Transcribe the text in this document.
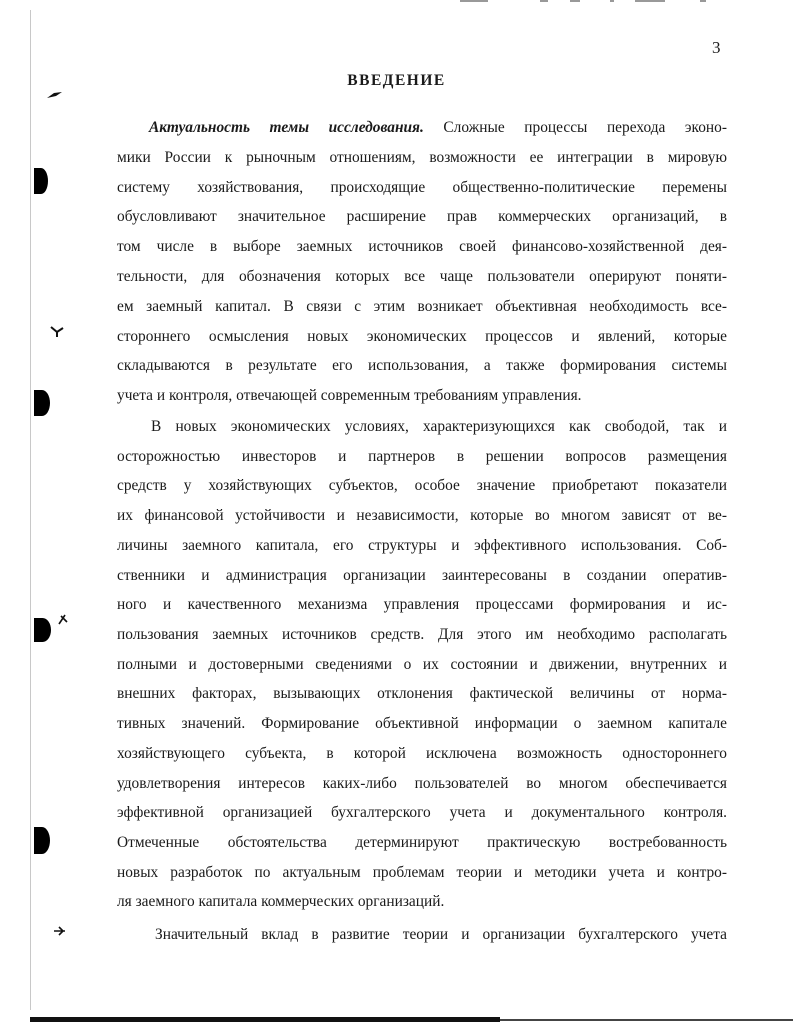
3
ВВЕДЕНИЕ

Актуальность темы исследования. Сложные процессы перехода эконо-

мики России к рыночным отношениям, возможности ее интеграции в мировую

систему хозяйствования, происходящие общественно-политические перемены

обусловливают значительное расширение прав коммерческих организаций, в

том числе в выборе заемных источников своей финансово-хозяйственной дея-

тельности, для обозначения которых все чаще пользователи оперируют поняти-

ем заемный капитал. В связи с этим возникает объективная необходимость все-

стороннего осмысления новых экономических процессов и явлений, которые

складываются в результате его использования, а также формирования системы

учета и контроля, отвечающей современным требованиям управления.

В новых экономических условиях, характеризующихся как свободой, так и

осторожностью инвесторов и партнеров в решении вопросов размещения

средств у хозяйствующих субъектов, особое значение приобретают показатели

их финансовой устойчивости и независимости, которые во многом зависят от ве-

личины заемного капитала, его структуры и эффективного использования. Соб-

ственники и администрация организации заинтересованы в создании оператив-

ного и качественного механизма управления процессами формирования и ис-

пользования заемных источников средств. Для этого им необходимо располагать

полными и достоверными сведениями о их состоянии и движении, внутренних и

внешних факторах, вызывающих отклонения фактической величины от норма-

тивных значений. Формирование объективной информации о заемном капитале

хозяйствующего субъекта, в которой исключена возможность одностороннего

удовлетворения интересов каких-либо пользователей во многом обеспечивается

эффективной организацией бухгалтерского учета и документального контроля.

Отмеченные обстоятельства детерминируют практическую востребованность

новых разработок по актуальным проблемам теории и методики учета и контро-

ля заемного капитала коммерческих организаций.

Значительный вклад в развитие теории и организации бухгалтерского учета
